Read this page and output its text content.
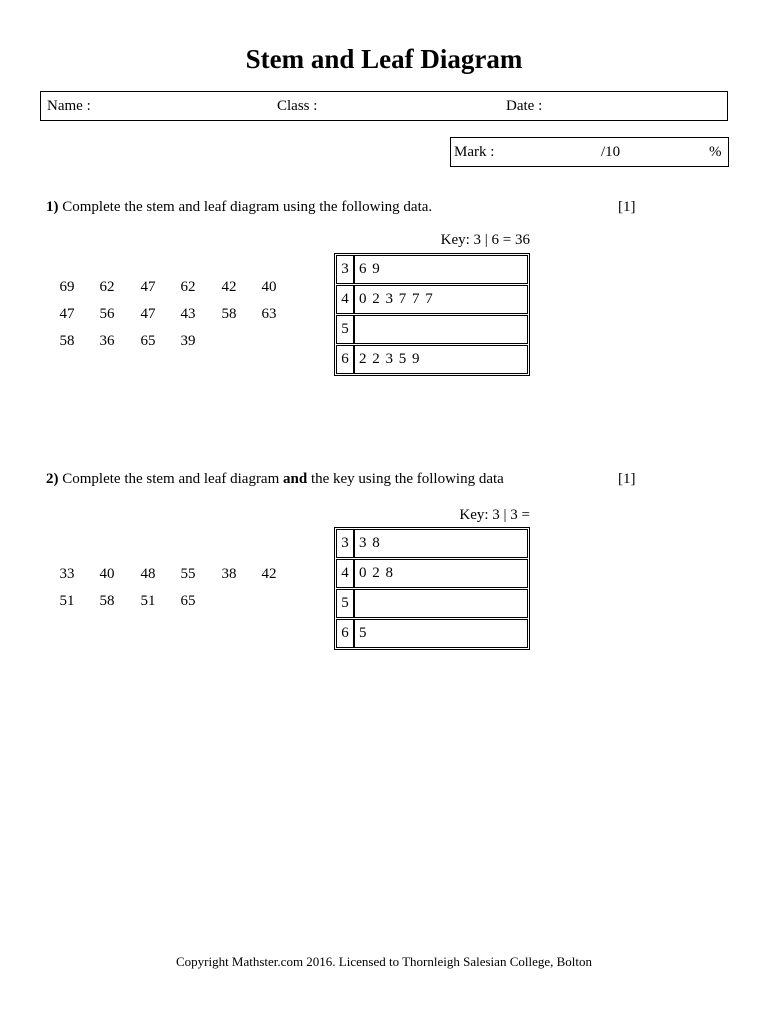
Stem and Leaf Diagram
Name :	Class :	Date :
Mark :	/10	%
1) Complete the stem and leaf diagram using the following data.	[1]
Key: 3 | 6 = 36
69	62	47	62	42	40
47	56	47	43	58	63
58	36	65	39
3	6 9

4	0 2 3 7 7 7

5	

6	2 2 3 5 9
2) Complete the stem and leaf diagram and the key using the following data	[1]
Key: 3 | 3 =
33	40	48	55	38	42
51	58	51	65
3	3 8

4	0 2 8

5	

6	5
Copyright Mathster.com 2016. Licensed to Thornleigh Salesian College, Bolton
